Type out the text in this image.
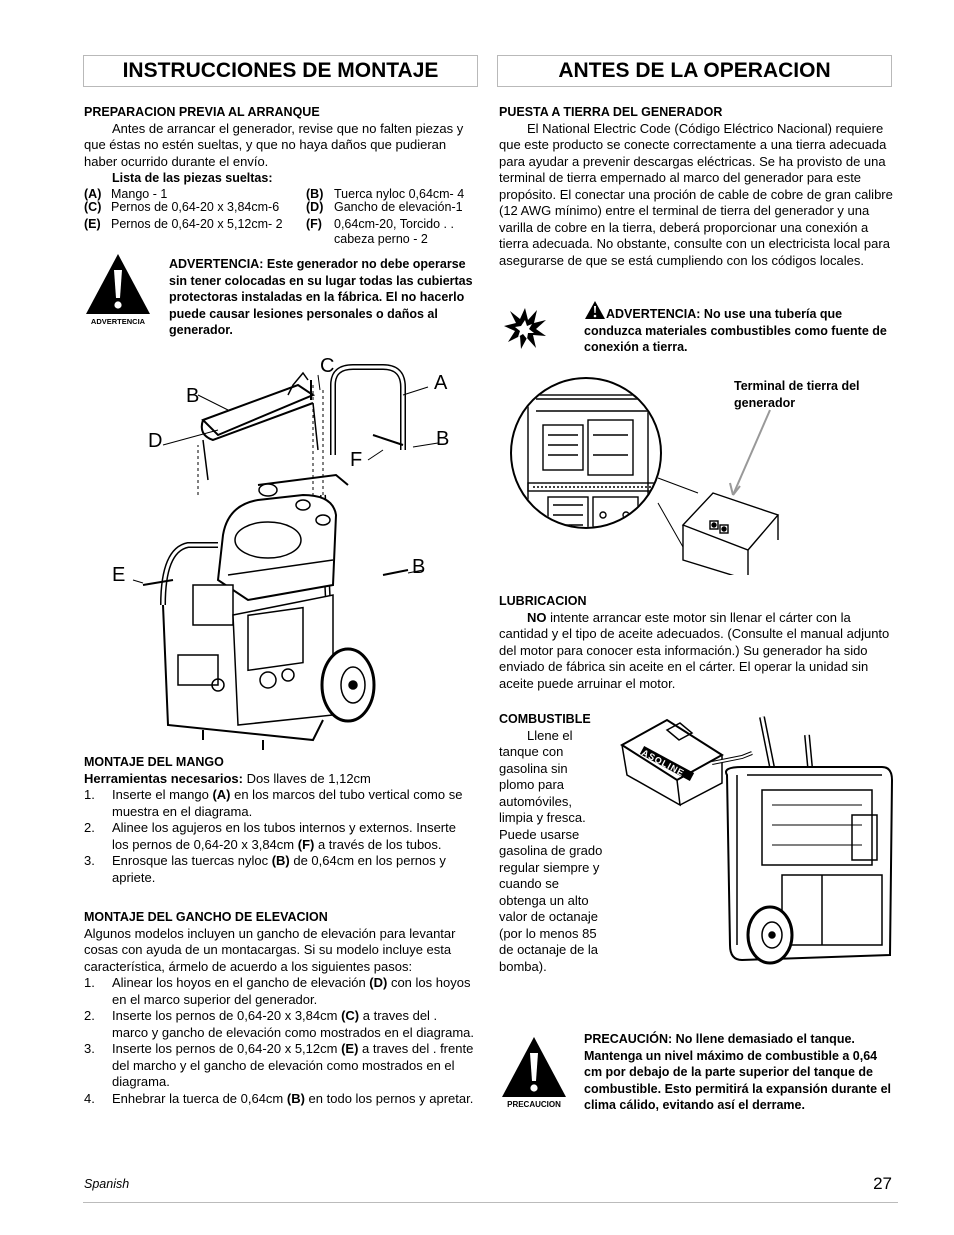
INSTRUCCIONES DE MONTAJE	ANTES DE LA OPERACION
PREPARACION PREVIA AL ARRANQUE
Antes de arrancar el generador, revise que no falten piezas y que éstas no estén sueltas, y que no haya daños que pudieran haber ocurrido durante el envío.
Lista de las piezas sueltas:
(A)	Mango - 1	(B)	Tuerca nyloc 0,64cm- 4
(C)	Pernos de 0,64-20 x 3,84cm-6	(D)	Gancho de elevación-1
(E)	Pernos de 0,64-20 x 5,12cm- 2	(F)	0,64cm-20, Torcido . .
			cabeza perno - 2
ADVERTENCIA
ADVERTENCIA: Este generador no debe operarse sin tener colocadas en su lugar todas las cubiertas protectoras instaladas en la fábrica. El no hacerlo puede causar lesiones personales o daños al generador.
A
B
B
B
C
D
E
F
MONTAJE DEL MANGO
Herramientas necesarios: Dos llaves de 1,12cm
1. Inserte el mango (A) en los marcos del tubo vertical como se muestra en el diagrama.
2. Alinee los agujeros en los tubos internos y externos. Inserte los pernos de 0,64-20 x 3,84cm (F) a través de los tubos.
3. Enrosque las tuercas nyloc (B) de 0,64cm en los pernos y apriete.
MONTAJE DEL GANCHO DE ELEVACION
Algunos modelos incluyen un gancho de elevación para levantar cosas con ayuda de un montacargas. Si su modelo incluye esta característica, ármelo de acuerdo a los siguientes pasos:
1. Alinear los hoyos en el gancho de elevación (D) con los hoyos en el marco superior del generador.
2. Inserte los pernos de 0,64-20 x 3,84cm (C) a traves del . marco y gancho de elevación como mostrados en el diagrama.
3. Inserte los pernos de 0,64-20 x 5,12cm (E) a traves del . frente del marcho y el gancho de elevación como mostrados en el diagrama.
4. Enhebrar la tuerca de 0,64cm (B) en todo los pernos y apretar.
PUESTA A TIERRA DEL GENERADOR
El National Electric Code (Código Eléctrico Nacional) requiere que este producto se conecte correctamente a una tierra adecuada para ayudar a prevenir descargas eléctricas. Se ha provisto de una terminal de tierra empernado al marco del generador para este propósito. El conectar una proción de cable de cobre de gran calibre (12 AWG mínimo) entre el terminal de tierra del generador y una varilla de cobre en la tierra, deberá proporcionar una conexión a tierra adecuada. No obstante, consulte con un electricista local para asegurarse de que se está cumpliendo con los códigos locales.
ADVERTENCIA: No use una tubería que conduzca materiales combustibles como fuente de conexión a tierra.
Terminal de tierra del generador
LUBRICACION
NO intente arrancar este motor sin llenar el cárter con la cantidad y el tipo de aceite adecuados. (Consulte el manual adjunto del motor para conocer esta información.) Su generador ha sido enviado de fábrica sin aceite en el cárter. El operar la unidad sin aceite puede arruinar el motor.
COMBUSTIBLE
Llene el
tanque con
gasolina sin
plomo para
automóviles,
limpia y fresca.
Puede usarse
gasolina de grado
regular siempre y
cuando se
obtenga un alto
valor de octanaje
(por lo menos 85
de octanaje de la
bomba).
GASOLINE
PRECAUCION
PRECAUCIÓN: No llene demasiado el tanque. Mantenga un nivel máximo de combustible a 0,64 cm por debajo de la parte superior del tanque de combustible. Esto permitirá la expansión durante el clima cálido, evitando así el derrame.
Spanish	27
